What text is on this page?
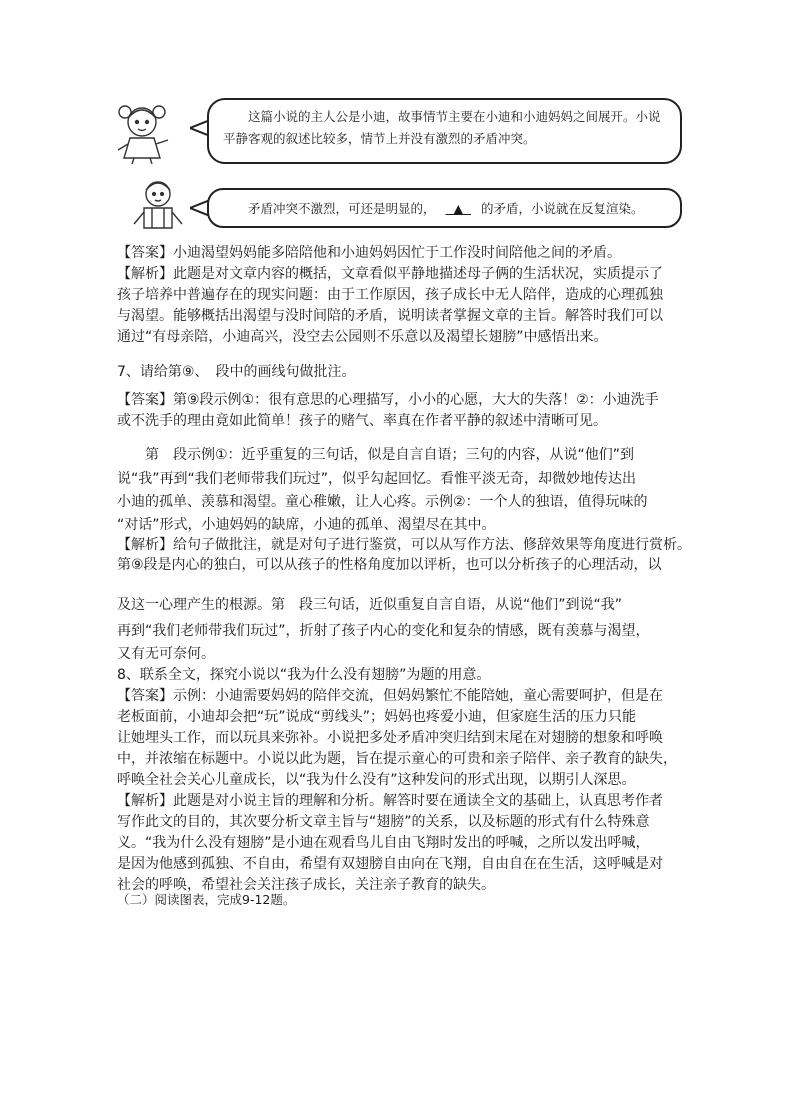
这篇小说的主人公是小迪，故事情节主要在小迪和小迪妈妈之间展开。小说平静客观的叙述比较多，情节上并没有激烈的矛盾冲突。
矛盾冲突不激烈，可还是明显的， ▲ 的矛盾，小说就在反复渲染。
【答案】小迪渴望妈妈能多陪陪他和小迪妈妈因忙于工作没时间陪他之间的矛盾。
【解析】此题是对文章内容的概括，文章看似平静地描述母子俩的生活状况，实质提示了
孩子培养中普遍存在的现实问题：由于工作原因，孩子成长中无人陪伴，造成的心理孤独
与渴望。能够概括出渴望与没时间陪的矛盾，说明读者掌握文章的主旨。解答时我们可以
通过“有母亲陪，小迪高兴，没空去公园则不乐意以及渴望长翅膀”中感悟出来。
7、请给第⑨、　段中的画线句做批注。
【答案】第⑨段示例①：很有意思的心理描写，小小的心愿，大大的失落！②：小迪洗手
或不洗手的理由竟如此简单！孩子的赌气、率真在作者平静的叙述中清晰可见。
第　段示例①：近乎重复的三句话，似是自言自语；三句的内容，从说“他们”到
说“我”再到“我们老师带我们玩过”，似乎勾起回忆。看惟平淡无奇，却微妙地传达出
小迪的孤单、羡慕和渴望。童心稚嫩，让人心疼。示例②：一个人的独语，值得玩味的
“对话”形式，小迪妈妈的缺席，小迪的孤单、渴望尽在其中。
【解析】给句子做批注，就是对句子进行鉴赏，可以从写作方法、修辞效果等角度进行赏析。
第⑨段是内心的独白，可以从孩子的性格角度加以评析，也可以分析孩子的心理活动，以
及这一心理产生的根源。第　段三句话，近似重复自言自语，从说“他们”到说“我”
再到“我们老师带我们玩过”，折射了孩子内心的变化和复杂的情感，既有羡慕与渴望，
又有无可奈何。
8、联系全文，探究小说以“我为什么没有翅膀”为题的用意。
【答案】示例：小迪需要妈妈的陪伴交流，但妈妈繁忙不能陪她，童心需要呵护，但是在
老板面前，小迪却会把“玩”说成“剪线头”；妈妈也疼爱小迪，但家庭生活的压力只能
让她埋头工作，而以玩具来弥补。小说把多处矛盾冲突归结到末尾在对翅膀的想象和呼唤
中，并浓缩在标题中。小说以此为题，旨在提示童心的可贵和亲子陪伴、亲子教育的缺失，
呼唤全社会关心儿童成长，以“我为什么没有”这种发问的形式出现，以期引人深思。
【解析】此题是对小说主旨的理解和分析。解答时要在通读全文的基础上，认真思考作者
写作此文的目的，其次要分析文章主旨与“翅膀”的关系，以及标题的形式有什么特殊意
义。“我为什么没有翅膀”是小迪在观看鸟儿自由飞翔时发出的呼喊，之所以发出呼喊，
是因为他感到孤独、不自由，希望有双翅膀自由向在飞翔，自由自在在生活，这呼喊是对
社会的呼唤，希望社会关注孩子成长，关注亲子教育的缺失。
（二）阅读图表，完成9-12题。
